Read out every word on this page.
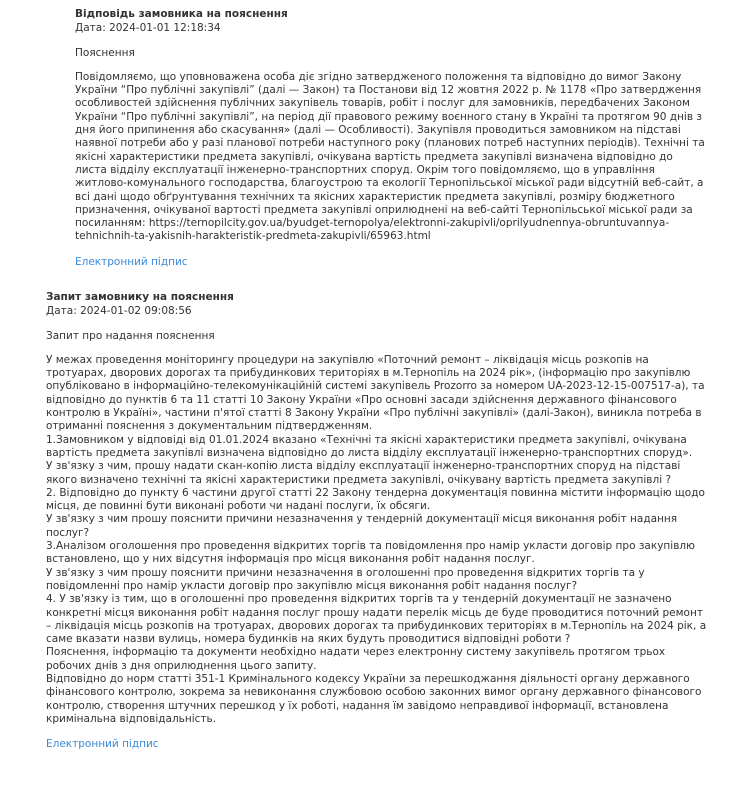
Відповідь замовника на пояснення
Дата: 2024-01-01 12:18:34
Пояснення
Повідомляємо, що уповноважена особа діє згідно затвердженого положення та відповідно до вимог Закону України “Про публічні закупівлі” (далі — Закон) та Постанови від 12 жовтня 2022 р. № 1178 «Про затвердження особливостей здійснення публічних закупівель товарів, робіт і послуг для замовників, передбачених Законом України “Про публічні закупівлі”, на період дії правового режиму воєнного стану в Україні та протягом 90 днів з дня його припинення або скасування» (далі — Особливості). Закупівля проводиться замовником на підставі наявної потреби або у разі планової потреби наступного року (планових потреб наступних періодів). Технічні та якісні характеристики предмета закупівлі, очікувана вартість предмета закупівлі визначена відповідно до листа відділу експлуатації інженерно-транспортних споруд. Окрім того повідомляємо, що в управління житлово-комунального господарства, благоустрою та екології Тернопільської міської ради відсутній веб-сайт, а всі дані щодо обґрунтування технічних та якісних характеристик предмета закупівлі, розміру бюджетного призначення, очікуваної вартості предмета закупівлі оприлюднені на веб-сайті Тернопільської міської ради за посиланням: https://ternopilcity.gov.ua/byudget-ternopolya/elektronni-zakupivli/oprilyudnennya-obruntuvannya-tehnichnih-ta-yakisnih-harakteristik-predmeta-zakupivli/65963.html
Електронний підпис
Запит замовнику на пояснення
Дата: 2024-01-02 09:08:56
Запит про надання пояснення

У межах проведення моніторингу процедури на закупівлю «Поточний ремонт – ліквідація місць розкопів на тротуарах, дворових дорогах та прибудинкових територіях в м.Тернопіль на 2024 рік», (інформацію про закупівлю опубліковано в інформаційно-телекомунікаційній системі закупівель Prozorro за номером UA-2023-12-15-007517-a), та відповідно до пунктів 6 та 11 статті 10 Закону України «Про основні засади здійснення державного фінансового контролю в Україні», частини п'ятої статті 8 Закону України «Про публічні закупівлі» (далі-Закон), виникла потреба в отриманні пояснення з документальним підтвердженням.

1.Замовником у відповіді від 01.01.2024 вказано «Технічні та якісні характеристики предмета закупівлі, очікувана вартість предмета закупівлі визначена відповідно до листа відділу експлуатації інженерно-транспортних споруд».

У зв'язку з чим, прошу надати скан-копію листа відділу експлуатації інженерно-транспортних споруд на підставі якого визначено технічні та якісні характеристики предмета закупівлі, очікувану вартість предмета закупівлі ?

2. Відповідно до пункту 6 частини другої статті 22 Закону тендерна документація повинна містити інформацію щодо місця, де повинні бути виконані роботи чи надані послуги, їх обсяги.

У зв'язку з чим прошу пояснити причини незазначення у тендерній документації місця виконання робіт надання послуг?

3.Аналізом оголошення про проведення відкритих торгів та повідомлення про намір укласти договір про закупівлю встановлено, що у них відсутня інформація про місця виконання робіт надання послуг.

У зв'язку з чим прошу пояснити причини незазначення в оголошенні про проведення відкритих торгів та у повідомленні про намір укласти договір про закупівлю місця виконання робіт надання послуг?

4. У зв'язку із тим, що в оголошенні про проведення відкритих торгів та у тендерній документації не зазначено конкретні місця виконання робіт надання послуг прошу надати перелік місць де буде проводитися поточний ремонт – ліквідація місць розкопів на тротуарах, дворових дорогах та прибудинкових територіях в м.Тернопіль на 2024 рік, а саме вказати назви вулиць, номера будинків на яких будуть проводитися відповідні роботи ?

Пояснення, інформацію та документи необхідно надати через електронну систему закупівель протягом трьох робочих днів з дня оприлюднення цього запиту.

Відповідно до норм статті 351-1 Кримінального кодексу України за перешкоджання діяльності органу державного фінансового контролю, зокрема за невиконання службовою особою законних вимог органу державного фінансового контролю, створення штучних перешкод у їх роботі, надання їм завідомо неправдивої інформації, встановлена кримінальна відповідальність.

Електронний підпис
